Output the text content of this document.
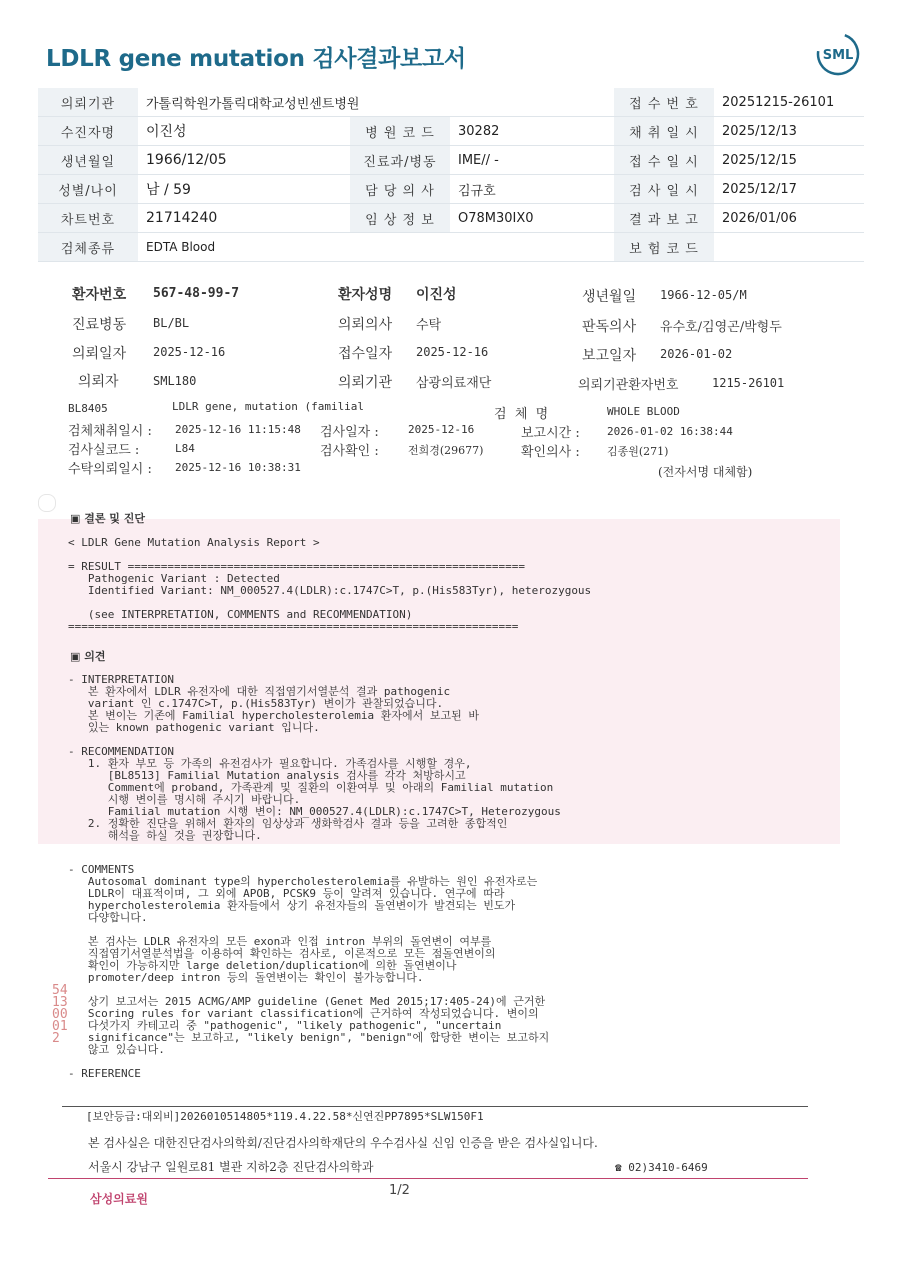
LDLR gene mutation 검사결과보고서	SML
의뢰기관	가톨릭학원가톨릭대학교성빈센트병원			접 수 번 호	20251215-26101
수진자명	이진성	병 원 코 드	30282	채 취 일 시	2025/12/13
생년월일	1966/12/05	진료과/병동	IME// -	접 수 일 시	2025/12/15
성별/나이	남 / 59	담 당 의 사	김규호	검 사 일 시	2025/12/17
차트번호	21714240	임 상 정 보	O78M30IX0	결 과 보 고	2026/01/06
검체종류	EDTA Blood			보 험 코 드	
환자번호 567-48-99-7	환자성명 이진성	생년월일 1966-12-05/M
진료병동 BL/BL	의뢰의사 수탁	판독의사 유수호/김영곤/박형두
의뢰일자 2025-12-16	접수일자 2025-12-16	보고일자 2026-01-02
의뢰자	SML180	의뢰기관 삼광의료재단	의뢰기관환자번호	1215-26101
BL8405	LDLR gene, mutation (familial
검  체  명	WHOLE BLOOD
검체채취일시 : 2025-12-16 11:15:48 검사일자 :	2025-12-16	보고시간 : 2026-01-02 16:38:44
검사실코드 :	L84	검사확인 :	전희경(29677)	확인의사 : 김종원(271)
수탁의뢰일시 : 2025-12-16 10:38:31	(전자서명 대체함)
▣ 결론 및 진단
< LDLR Gene Mutation Analysis Report >

= RESULT ============================================================
Pathogenic Variant : Detected
Identified Variant: NM_000527.4(LDLR):c.1747C>T, p.(His583Tyr), heterozygous

(see INTERPRETATION, COMMENTS and RECOMMENDATION)
====================================================================
▣ 의견
- INTERPRETATION
본 환자에서 LDLR 유전자에 대한 직접염기서열분석 결과 pathogenic
variant 인 c.1747C>T, p.(His583Tyr) 변이가 관찰되었습니다.
본 변이는 기존에 Familial hypercholesterolemia 환자에서 보고된 바
있는 known pathogenic variant 입니다.

- RECOMMENDATION
1. 환자 부모 등 가족의 유전검사가 필요합니다. 가족검사를 시행할 경우,
[BL8513] Familial Mutation analysis 검사를 각각 처방하시고
Comment에 proband, 가족관계 및 질환의 이환여부 및 아래의 Familial mutation
시행 변이를 명시해 주시기 바랍니다.
Familial mutation 시행 변이: NM_000527.4(LDLR):c.1747C>T, Heterozygous
2. 정확한 진단을 위해서 환자의 임상상과 생화학검사 결과 등을 고려한 종합적인
해석을 하실 것을 권장합니다.
- COMMENTS
Autosomal dominant type의 hypercholesterolemia를 유발하는 원인 유전자로는
LDLR이 대표적이며, 그 외에 APOB, PCSK9 등이 알려져 있습니다. 연구에 따라
hypercholesterolemia 환자들에서 상기 유전자들의 돌연변이가 발견되는 빈도가
다양합니다.

본 검사는 LDLR 유전자의 모든 exon과 인접 intron 부위의 돌연변이 여부를
직접염기서열분석법을 이용하여 확인하는 검사로, 이론적으로 모든 점돌연변이의
확인이 가능하지만 large deletion/duplication에 의한 돌연변이나
promoter/deep intron 등의 돌연변이는 확인이 불가능합니다.

상기 보고서는 2015 ACMG/AMP guideline (Genet Med 2015;17:405-24)에 근거한
Scoring rules for variant classification에 근거하여 작성되었습니다. 변이의
다섯가지 카테고리 중 "pathogenic", "likely pathogenic", "uncertain
significance"는 보고하고, "likely benign", "benign"에 합당한 변이는 보고하지
않고 있습니다.

- REFERENCE
541300012
[보안등급:대외비]2026010514805*119.4.22.58*신연진PP7895*SLW150F1
본 검사실은 대한진단검사의학회/진단검사의학재단의 우수검사실 신임 인증을 받은 검사실입니다.
서울시 강남구 일원로81 별관 지하2층 진단검사의학과	☎ 02)3410-6469
삼성의료원
1/2
